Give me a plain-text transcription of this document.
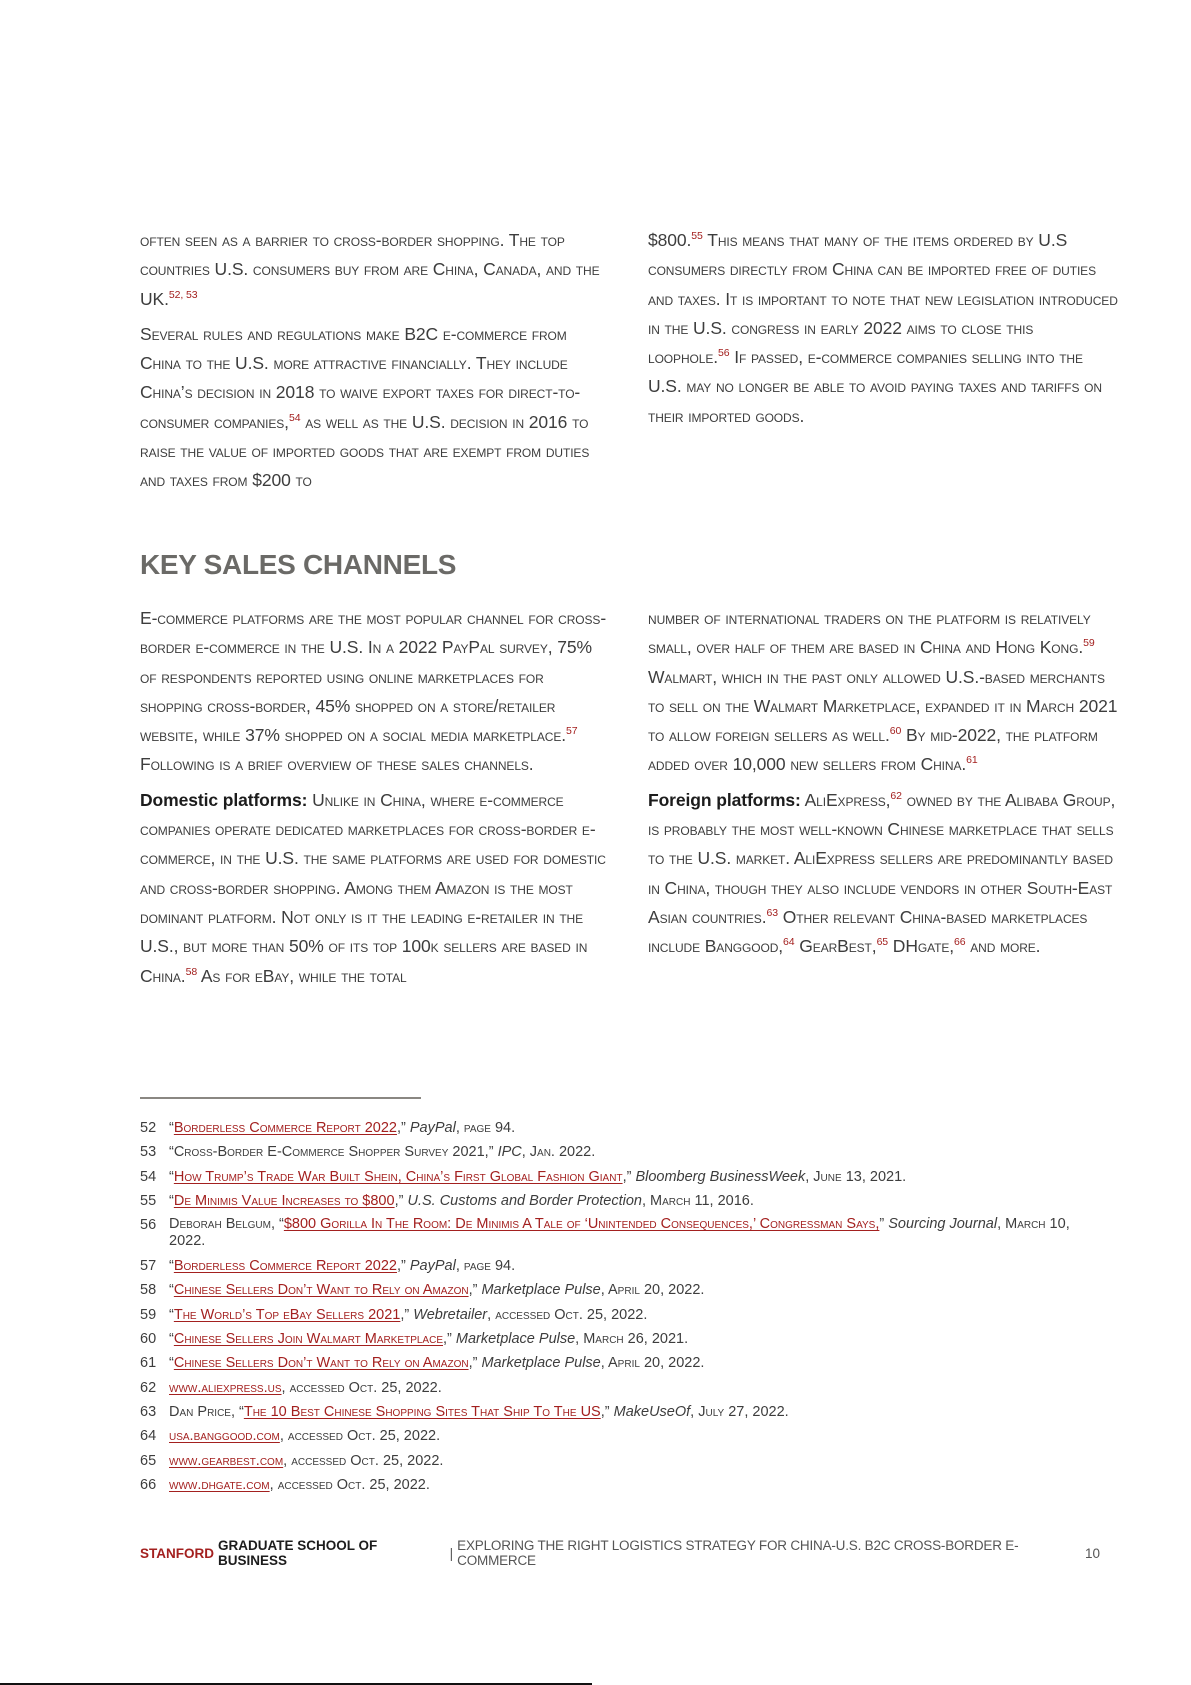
often seen as a barrier to cross-border shopping. The top countries U.S. consumers buy from are China, Canada, and the UK.$^{52, 53}$

Several rules and regulations make B2C e-commerce from China to the U.S. more attractive financially. They include China’s decision in 2018 to waive export taxes for direct-to-consumer companies,$^{54}$ as well as the U.S. decision in 2016 to raise the value of imported goods that are exempt from duties and taxes from $200 to

$800.55 This means that many of the items ordered by U.S consumers directly from China can be imported free of duties and taxes. It is important to note that new legislation introduced in the U.S. congress in early 2022 aims to close this loophole.$^{56}$ If passed, e-commerce companies selling into the U.S. may no longer be able to avoid paying taxes and tariffs on their imported goods.

KEY SALES CHANNELS

E-commerce platforms are the most popular channel for cross-border e-commerce in the U.S. In a 2022 PayPal survey, 75% of respondents reported using online marketplaces for shopping cross-border, 45% shopped on a store/retailer website, while 37% shopped on a social media marketplace.$^{57}$ Following is a brief overview of these sales channels.

Domestic platforms: Unlike in China, where e-commerce companies operate dedicated marketplaces for cross-border e-commerce, in the U.S. the same platforms are used for domestic and cross-border shopping. Among them Amazon is the most dominant platform. Not only is it the leading e-retailer in the U.S., but more than 50% of its top 100k sellers are based in China.$^{58}$ As for eBay, while the total

number of international traders on the platform is relatively small, over half of them are based in China and Hong Kong.$^{59}$ Walmart, which in the past only allowed U.S.-based merchants to sell on the Walmart Marketplace, expanded it in March 2021 to allow foreign sellers as well.$^{60}$ By mid-2022, the platform added over 10,000 new sellers from China.$^{61}$

Foreign platforms: AliExpress,$^{62}$ owned by the Alibaba Group, is probably the most well-known Chinese marketplace that sells to the U.S. market. AliExpress sellers are predominantly based in China, though they also include vendors in other South-East Asian countries.$^{63}$ Other relevant China-based marketplaces include Banggood,$^{64}$ GearBest,$^{65}$ DHgate,$^{66}$ and more.

52 “Borderless Commerce Report 2022,” PayPal, page 94.
53 “Cross-Border E-Commerce Shopper Survey 2021,” IPC, Jan. 2022.
54 “How Trump’s Trade War Built Shein, China’s First Global Fashion Giant,” Bloomberg BusinessWeek, June 13, 2021.
55 “De Minimis Value Increases to $800,” U.S. Customs and Border Protection, March 11, 2016.
56 Deborah Belgum, “$800 Gorilla In The Room: De Minimis A Tale of ‘Unintended Consequences,’ Congressman Says,” Sourcing Journal, March 10, 2022.
57 “Borderless Commerce Report 2022,” PayPal, page 94.
58 “Chinese Sellers Don’t Want to Rely on Amazon,” Marketplace Pulse, April 20, 2022.
59 “The World’s Top eBay Sellers 2021,” Webretailer, accessed Oct. 25, 2022.
60 “Chinese Sellers Join Walmart Marketplace,” Marketplace Pulse, March 26, 2021.
61 “Chinese Sellers Don’t Want to Rely on Amazon,” Marketplace Pulse, April 20, 2022.
62 www.aliexpress.us, accessed Oct. 25, 2022.
63 Dan Price, “The 10 Best Chinese Shopping Sites That Ship To The US,” MakeUseOf, July 27, 2022.
64 usa.banggood.com, accessed Oct. 25, 2022.
65 www.gearbest.com, accessed Oct. 25, 2022.
66 www.dhgate.com, accessed Oct. 25, 2022.
STANFORD GRADUATE SCHOOL OF BUSINESS	| EXPLORING THE RIGHT LOGISTICS STRATEGY FOR CHINA-U.S. B2C CROSS-BORDER E-COMMERCE	10
